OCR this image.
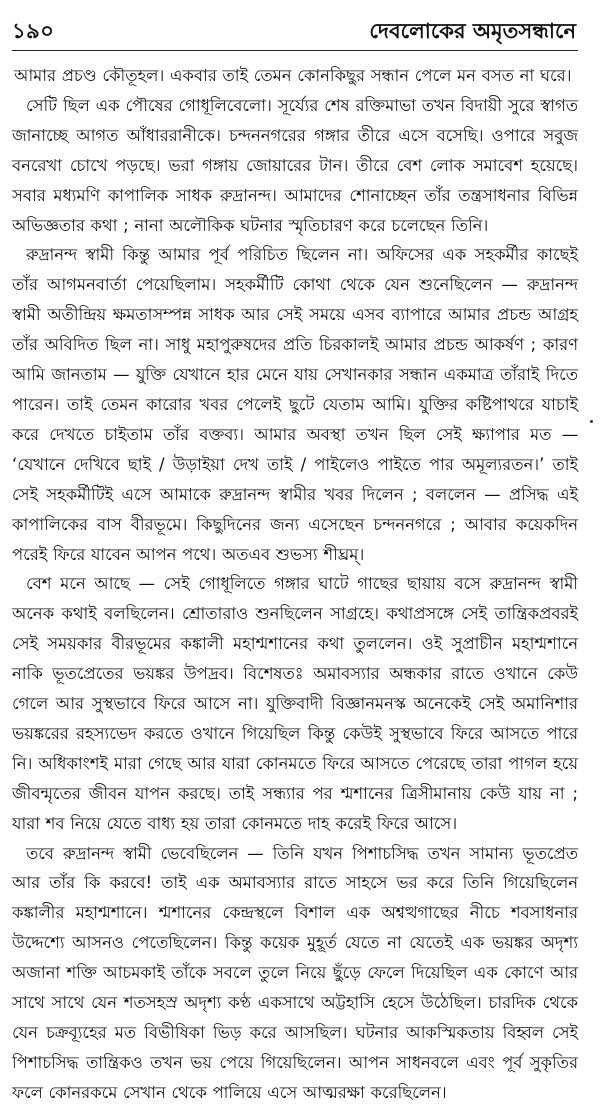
১৯০	দেবলোকের অমৃতসন্ধানে

আমার প্রচণ্ড কৌতূহল। একবার তাই তেমন কোনকিছুর সন্ধান পেলে মন বসত না ঘরে।

সেটি ছিল এক পৌষের গোধূলিবেলো। সূর্য্যের শেষ রক্তিমাভা তখন বিদায়ী সুরে স্বাগত জানাচ্ছে আগত আঁধাররানীকে। চন্দননগরের গঙ্গার তীরে এসে বসেছি। ওপারে সবুজ বনরেখা চোখে পড়ছে। ভরা গঙ্গায় জোয়ারের টান। তীরে বেশ লোক সমাবেশ হয়েছে। সবার মধ্যমণি কাপালিক সাধক রুদ্রানন্দ। আমাদের শোনাচ্ছেন তাঁর তন্ত্রসাধনার বিভিন্ন অভিজ্ঞতার কথা ; নানা অলৌকিক ঘটনার স্মৃতিচারণ করে চলেছেন তিনি।

রুদ্রানন্দ স্বামী কিন্তু আমার পূর্ব পরিচিত ছিলেন না। অফিসের এক সহকর্মীর কাছেই তাঁর আগমনবার্তা পেয়েছিলাম। সহকর্মীটি কোথা থেকে যেন শুনেছিলেন — রুদ্রানন্দ স্বামী অতীন্দ্রিয় ক্ষমতাসম্পন্ন সাধক আর সেই সময়ে এসব ব্যাপারে আমার প্রচন্ড আগ্রহ তাঁর অবিদিত ছিল না। সাধু মহাপুরুষদের প্রতি চিরকালই আমার প্রচন্ড আকর্ষণ ; কারণ আমি জানতাম — যুক্তি যেখানে হার মেনে যায় সেখানকার সন্ধান একমাত্র তাঁরাই দিতে পারেন। তাই তেমন কারোর খবর পেলেই ছুটে যেতাম আমি। যুক্তির কষ্টিপাথরে যাচাই করে দেখতে চাইতাম তাঁর বক্তব্য। আমার অবস্থা তখন ছিল সেই ক্ষ্যাপার মত — ‘যেখানে দেখিবে ছাই / উড়াইয়া দেখ তাই / পাইলেও পাইতে পার অমূল্যরতন।’ তাই সেই সহকর্মীটিই এসে আমাকে রুদ্রানন্দ স্বামীর খবর দিলেন ; বললেন — প্রসিদ্ধ এই কাপালিকের বাস বীরভূমে। কিছুদিনের জন্য এসেছেন চন্দননগরে ; আবার কয়েকদিন পরেই ফিরে যাবেন আপন পথে। অতএব শুভস্য শীঘ্রম্।

বেশ মনে আছে — সেই গোধূলিতে গঙ্গার ঘাটে গাছের ছায়ায় বসে রুদ্রানন্দ স্বামী অনেক কথাই বলছিলেন। শ্রোতারাও শুনছিলেন সাগ্রহে। কথাপ্রসঙ্গে সেই তান্ত্রিকপ্রবরই সেই সময়কার বীরভূমের কঙ্কালী মহাশ্মশানের কথা তুললেন। ওই সুপ্রাচীন মহাশ্মশানে নাকি ভূতপ্রেতের ভয়ঙ্কর উপদ্রব। বিশেষতঃ অমাবস্যার অন্ধকার রাতে ওখানে কেউ গেলে আর সুস্থভাবে ফিরে আসে না। যুক্তিবাদী বিজ্ঞানমনস্ক অনেকেই সেই অমানিশার ভয়ঙ্করের রহস্যভেদ করতে ওখানে গিয়েছিল কিন্তু কেউই সুস্থভাবে ফিরে আসতে পারে নি। অধিকাংশই মারা গেছে আর যারা কোনমতে ফিরে আসতে পেরেছে তারা পাগল হয়ে জীবন্মৃতের জীবন যাপন করছে। তাই সন্ধ্যার পর শ্মশানের ত্রিসীমানায় কেউ যায় না ; যারা শব নিয়ে যেতে বাধ্য হয় তারা কোনমতে দাহ করেই ফিরে আসে।

তবে রুদ্রানন্দ স্বামী ভেবেছিলেন — তিনি যখন পিশাচসিদ্ধ তখন সামান্য ভূতপ্রেত আর তাঁর কি করবে! তাই এক অমাবস্যার রাতে সাহসে ভর করে তিনি গিয়েছিলেন কঙ্কালীর মহাশ্মশানে। শ্মশানের কেন্দ্রস্থলে বিশাল এক অশ্বত্থগাছের নীচে শবসাধনার উদ্দেশ্যে আসনও পেতেছিলেন। কিন্তু কয়েক মুহূর্ত যেতে না যেতেই এক ভয়ঙ্কর অদৃশ্য অজানা শক্তি আচমকাই তাঁকে সবলে তুলে নিয়ে ছুঁড়ে ফেলে দিয়েছিল এক কোণে আর সাথে সাথে যেন শতসহস্র অদৃশ্য কণ্ঠ একসাথে অট্টহাসি হেসে উঠেছিল। চারদিক থেকে যেন চক্রব্যূহের মত বিভীষিকা ভিড় করে আসছিল। ঘটনার আকস্মিকতায় বিহ্বল সেই পিশাচসিদ্ধ তান্ত্রিকও তখন ভয় পেয়ে গিয়েছিলেন। আপন সাধনবলে এবং পূর্ব সুকৃতির ফলে কোনরকমে সেখান থেকে পালিয়ে এসে আত্মরক্ষা করেছিলেন।
